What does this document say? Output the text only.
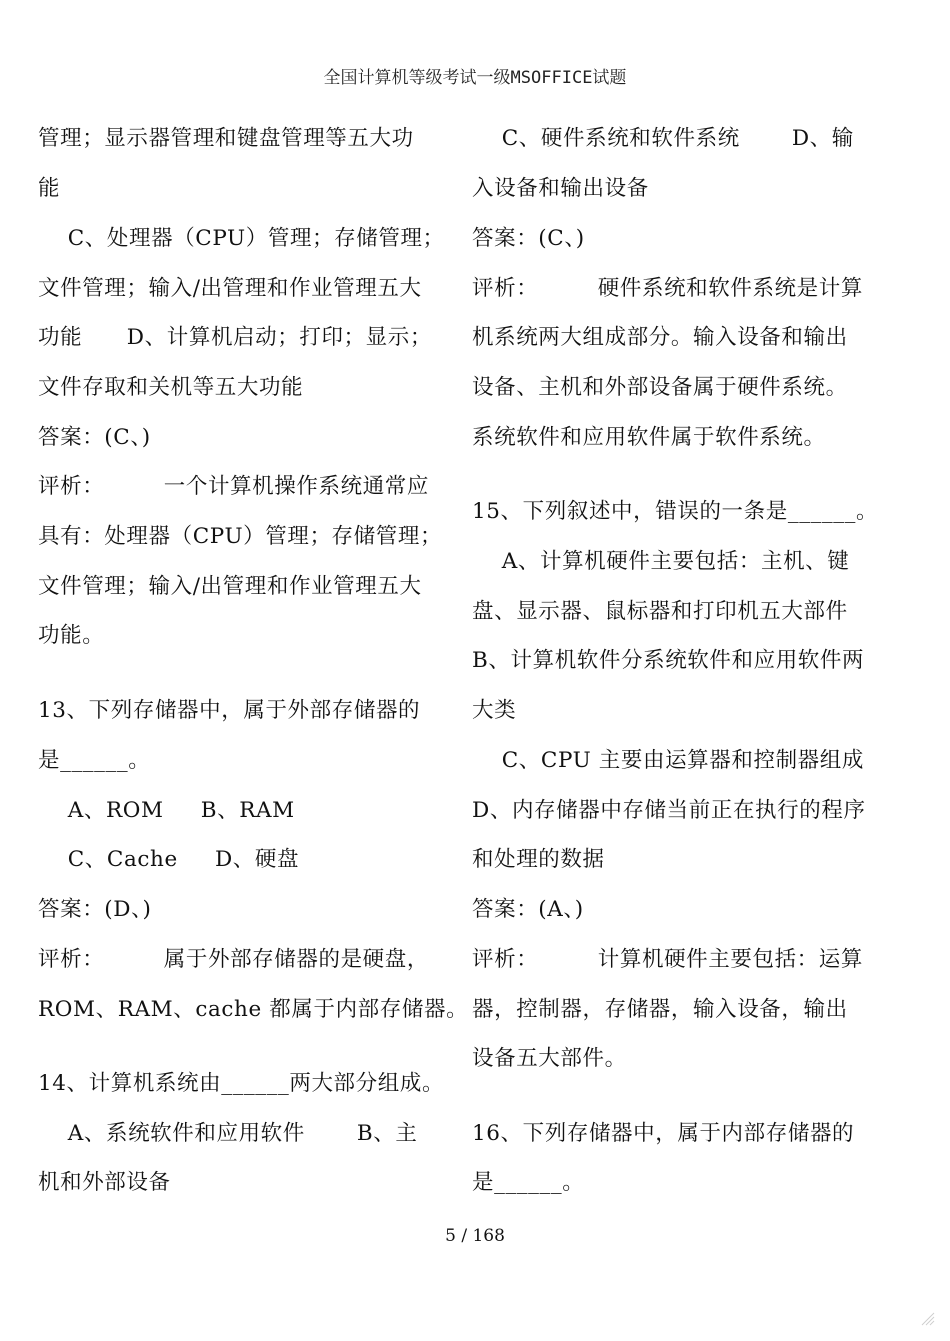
全国计算机等级考试一级MSOFFICE试题
管理；显示器管理和键盘管理等五大功
能
C、处理器（CPU）管理；存储管理；
文件管理；输入/出管理和作业管理五大
功能      D、计算机启动；打印；显示；
文件存取和关机等五大功能
答案：(C、)
评析：        一个计算机操作系统通常应
具有：处理器（CPU）管理；存储管理；
文件管理；输入/出管理和作业管理五大
功能。
13、下列存储器中，属于外部存储器的
是______。
A、ROM     B、RAM
C、Cache     D、硬盘
答案：(D、)
评析：        属于外部存储器的是硬盘，
ROM、RAM、cache 都属于内部存储器。
14、计算机系统由______两大部分组成。
A、系统软件和应用软件       B、主
机和外部设备
C、硬件系统和软件系统       D、输
入设备和输出设备
答案：(C、)
评析：        硬件系统和软件系统是计算
机系统两大组成部分。输入设备和输出
设备、主机和外部设备属于硬件系统。
系统软件和应用软件属于软件系统。
15、下列叙述中，错误的一条是______。
A、计算机硬件主要包括：主机、键
盘、显示器、鼠标器和打印机五大部件
B、计算机软件分系统软件和应用软件两
大类
C、CPU 主要由运算器和控制器组成
D、内存储器中存储当前正在执行的程序
和处理的数据
答案：(A、)
评析：        计算机硬件主要包括：运算
器，控制器，存储器，输入设备，输出
设备五大部件。
16、下列存储器中，属于内部存储器的
是______。
5 / 168
